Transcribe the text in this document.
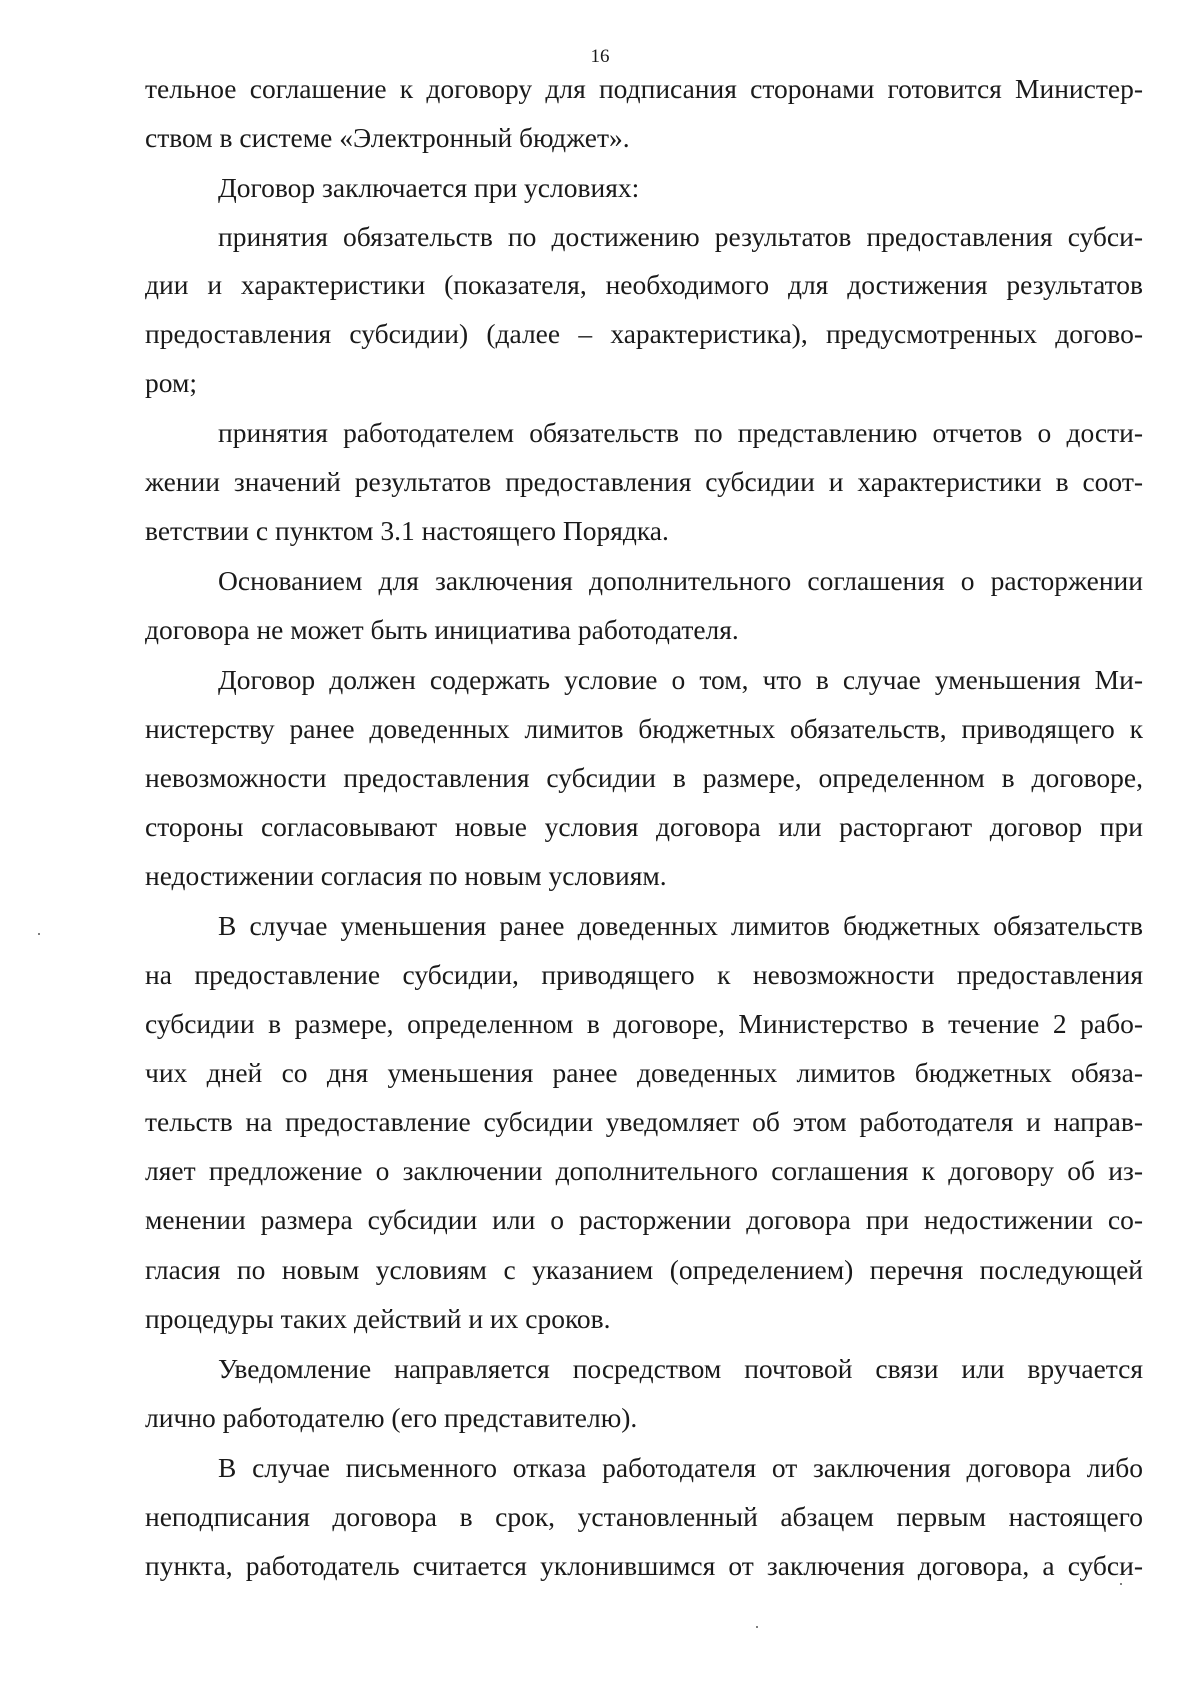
16
тельное соглашение к договору для подписания сторонами готовится Министер-
ством в системе «Электронный бюджет».
Договор заключается при условиях:
принятия обязательств по достижению результатов предоставления субси-
дии и характеристики (показателя, необходимого для достижения результатов
предоставления субсидии) (далее – характеристика), предусмотренных догово-
ром;
принятия работодателем обязательств по представлению отчетов о дости-
жении значений результатов предоставления субсидии и характеристики в соот-
ветствии с пунктом 3.1 настоящего Порядка.
Основанием для заключения дополнительного соглашения о расторжении
договора не может быть инициатива работодателя.
Договор должен содержать условие о том, что в случае уменьшения Ми-
нистерству ранее доведенных лимитов бюджетных обязательств, приводящего к
невозможности предоставления субсидии в размере, определенном в договоре,
стороны согласовывают новые условия договора или расторгают договор при
недостижении согласия по новым условиям.
В случае уменьшения ранее доведенных лимитов бюджетных обязательств
на предоставление субсидии, приводящего к невозможности предоставления
субсидии в размере, определенном в договоре, Министерство в течение 2 рабо-
чих дней со дня уменьшения ранее доведенных лимитов бюджетных обяза-
тельств на предоставление субсидии уведомляет об этом работодателя и направ-
ляет предложение о заключении дополнительного соглашения к договору об из-
менении размера субсидии или о расторжении договора при недостижении со-
гласия по новым условиям с указанием (определением) перечня последующей
процедуры таких действий и их сроков.
Уведомление направляется посредством почтовой связи или вручается
лично работодателю (его представителю).
В случае письменного отказа работодателя от заключения договора либо
неподписания договора в срок, установленный абзацем первым настоящего
пункта, работодатель считается уклонившимся от заключения договора, а субси-
